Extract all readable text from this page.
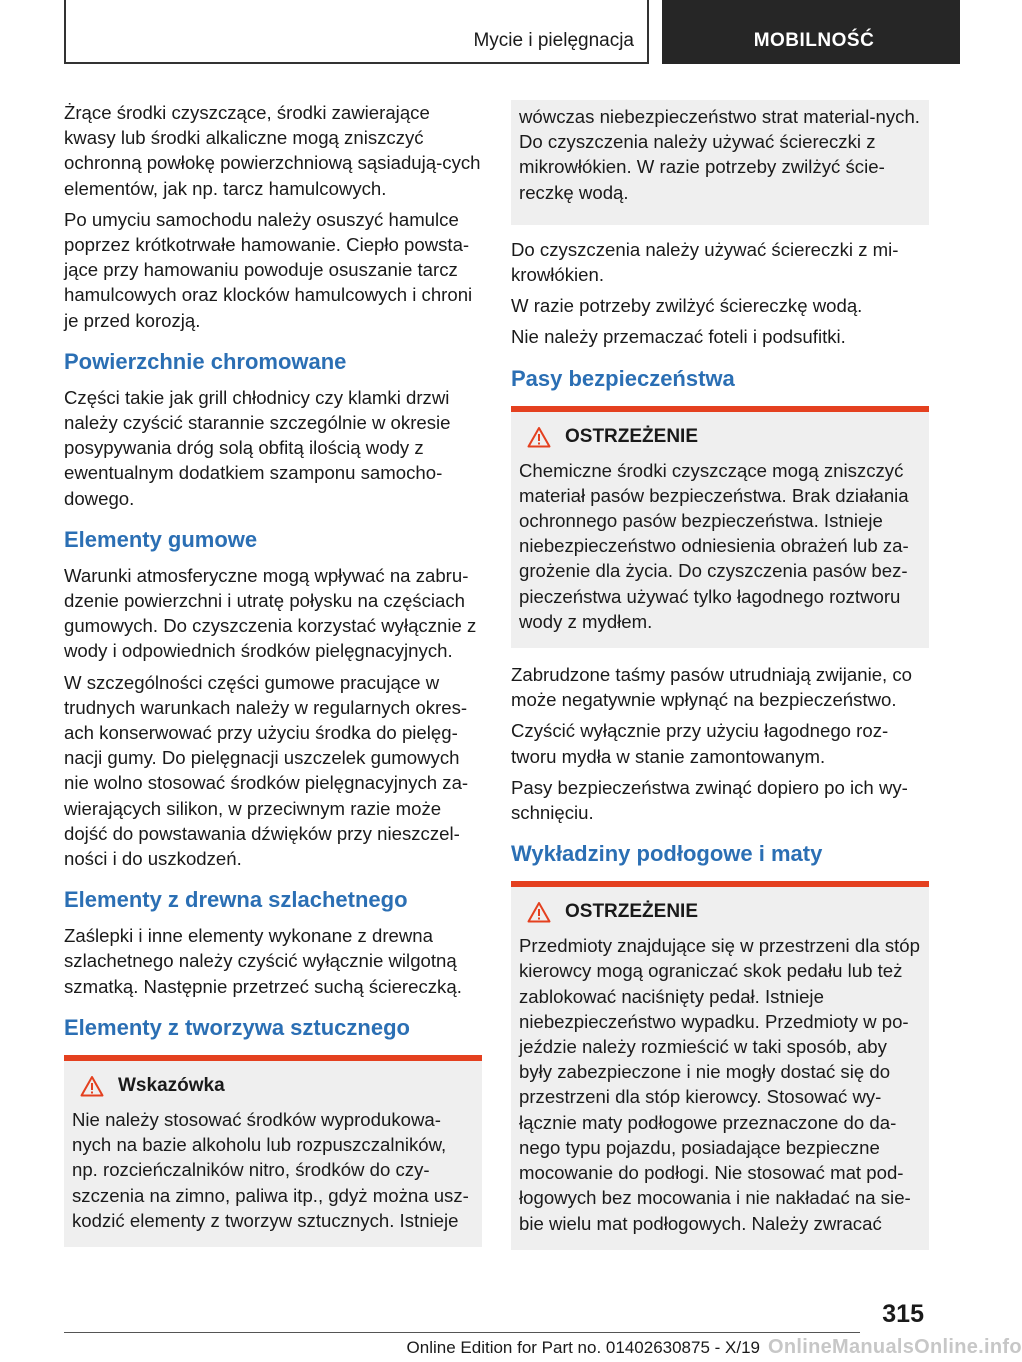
Mycie i pielęgnacja	MOBILNOŚĆ

Żrące środki czyszczące, środki zawierające kwasy lub środki alkaliczne mogą zniszczyć ochronną powłokę powierzchniową sąsiadują‐cych elementów, jak np. tarcz hamulcowych.

Po umyciu samochodu należy osuszyć hamulce poprzez krótkotrwałe hamowanie. Ciepło powsta‐jące przy hamowaniu powoduje osuszanie tarcz hamulcowych oraz klocków hamulcowych i chroni je przed korozją.

Powierzchnie chromowane

Części takie jak grill chłodnicy czy klamki drzwi należy czyścić starannie szczególnie w okresie posypywania dróg solą obfitą ilością wody z ewentualnym dodatkiem szamponu samocho‐dowego.

Elementy gumowe

Warunki atmosferyczne mogą wpływać na zabru‐dzenie powierzchni i utratę połysku na częściach gumowych. Do czyszczenia korzystać wyłącznie z wody i odpowiednich środków pielęgnacyjnych.

W szczególności części gumowe pracujące w trudnych warunkach należy w regularnych okres‐ach konserwować przy użyciu środka do pielęg‐nacji gumy. Do pielęgnacji uszczelek gumowych nie wolno stosować środków pielęgnacyjnych za‐wierających silikon, w przeciwnym razie może dojść do powstawania dźwięków przy nieszczel‐ności i do uszkodzeń.

Elementy z drewna szlachetnego

Zaślepki i inne elementy wykonane z drewna szlachetnego należy czyścić wyłącznie wilgotną szmatką. Następnie przetrzeć suchą ściereczką.

Elementy z tworzywa sztucznego
Wskazówka

Nie należy stosować środków wyprodukowa‐nych na bazie alkoholu lub rozpuszczalników, np. rozcieńczalników nitro, środków do czy‐szczenia na zimno, paliwa itp., gdyż można usz‐kodzić elementy z tworzyw sztucznych. Istnieje

wówczas niebezpieczeństwo strat material‐nych. Do czyszczenia należy używać ściereczki z mikrowłókien. W razie potrzeby zwilżyć ście‐reczkę wodą.

Do czyszczenia należy używać ściereczki z mi‐krowłókien.

W razie potrzeby zwilżyć ściereczkę wodą.

Nie należy przemaczać foteli i podsufitki.

Pasy bezpieczeństwa
OSTRZEŻENIE

Chemiczne środki czyszczące mogą zniszczyć materiał pasów bezpieczeństwa. Brak działania ochronnego pasów bezpieczeństwa. Istnieje niebezpieczeństwo odniesienia obrażeń lub za‐grożenie dla życia. Do czyszczenia pasów bez‐pieczeństwa używać tylko łagodnego roztworu wody z mydłem.

Zabrudzone taśmy pasów utrudniają zwijanie, co może negatywnie wpłynąć na bezpieczeństwo.

Czyścić wyłącznie przy użyciu łagodnego roz‐tworu mydła w stanie zamontowanym.

Pasy bezpieczeństwa zwinąć dopiero po ich wy‐schnięciu.

Wykładziny podłogowe i maty
OSTRZEŻENIE

Przedmioty znajdujące się w przestrzeni dla stóp kierowcy mogą ograniczać skok pedału lub też zablokować naciśnięty pedał. Istnieje niebezpieczeństwo wypadku. Przedmioty w po‐jeździe należy rozmieścić w taki sposób, aby były zabezpieczone i nie mogły dostać się do przestrzeni dla stóp kierowcy. Stosować wy‐łącznie maty podłogowe przeznaczone do da‐nego typu pojazdu, posiadające bezpieczne mocowanie do podłogi. Nie stosować mat pod‐łogowych bez mocowania i nie nakładać na sie‐bie wielu mat podłogowych. Należy zwracać

315
Online Edition for Part no. 01402630875 - X/19 OnlineManualsOnline.info
